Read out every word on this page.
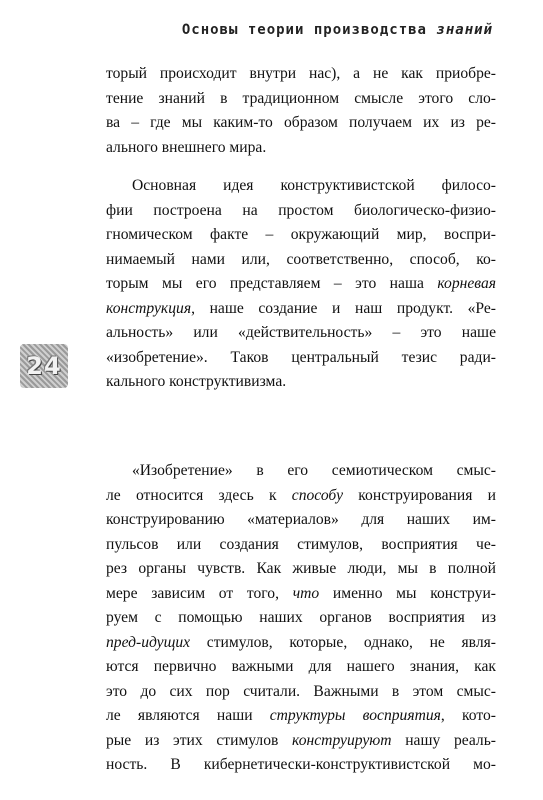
Основы теории производства знаний
24
торый происходит внутри нас), а не как приобре-
тение знаний в традиционном смысле этого сло-
ва – где мы каким-то образом получаем их из ре-
ального внешнего мира.
Основная идея конструктивистской филосо-
фии построена на простом биологическо-физио-
гномическом факте – окружающий мир, воспри-
нимаемый нами или, соответственно, способ, ко-
торым мы его представляем – это наша корневая
конструкция, наше создание и наш продукт. «Ре-
альность» или «действительность» – это наше
«изобретение». Таков центральный тезис ради-
кального конструктивизма.
«Изобретение» в его семиотическом смыс-
ле относится здесь к способу конструирования и
конструированию «материалов» для наших им-
пульсов или создания стимулов, восприятия че-
рез органы чувств. Как живые люди, мы в полной
мере зависим от того, что именно мы конструи-
руем с помощью наших органов восприятия из
пред-идущих стимулов, которые, однако, не явля-
ются первично важными для нашего знания, как
это до сих пор считали. Важными в этом смыс-
ле являются наши структуры восприятия, кото-
рые из этих стимулов конструируют нашу реаль-
ность. В кибернетически-конструктивистской мо-
